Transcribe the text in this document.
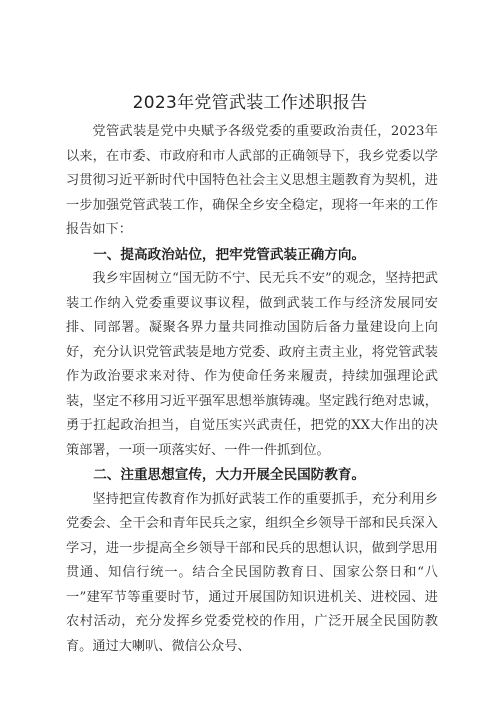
2023年党管武装工作述职报告

党管武装是党中央赋予各级党委的重要政治责任，2023年以来，在市委、市政府和市人武部的正确领导下，我乡党委以学习贯彻习近平新时代中国特色社会主义思想主题教育为契机，进一步加强党管武装工作，确保全乡安全稳定，现将一年来的工作报告如下：

一、提高政治站位，把牢党管武装正确方向。

我乡牢固树立“国无防不宁、民无兵不安”的观念，坚持把武装工作纳入党委重要议事议程，做到武装工作与经济发展同安排、同部署。凝聚各界力量共同推动国防后备力量建设向上向好，充分认识党管武装是地方党委、政府主责主业，将党管武装作为政治要求来对待、作为使命任务来履责，持续加强理论武装，坚定不移用习近平强军思想举旗铸魂。坚定践行绝对忠诚，勇于扛起政治担当，自觉压实兴武责任，把党的XX大作出的决策部署，一项一项落实好、一件一件抓到位。

二、注重思想宣传，大力开展全民国防教育。

坚持把宣传教育作为抓好武装工作的重要抓手，充分利用乡党委会、全干会和青年民兵之家，组织全乡领导干部和民兵深入学习，进一步提高全乡领导干部和民兵的思想认识，做到学思用贯通、知信行统一。结合全民国防教育日、国家公祭日和“八一”建军节等重要时节，通过开展国防知识进机关、进校园、进农村活动，充分发挥乡党委党校的作用，广泛开展全民国防教育。通过大喇叭、微信公众号、
